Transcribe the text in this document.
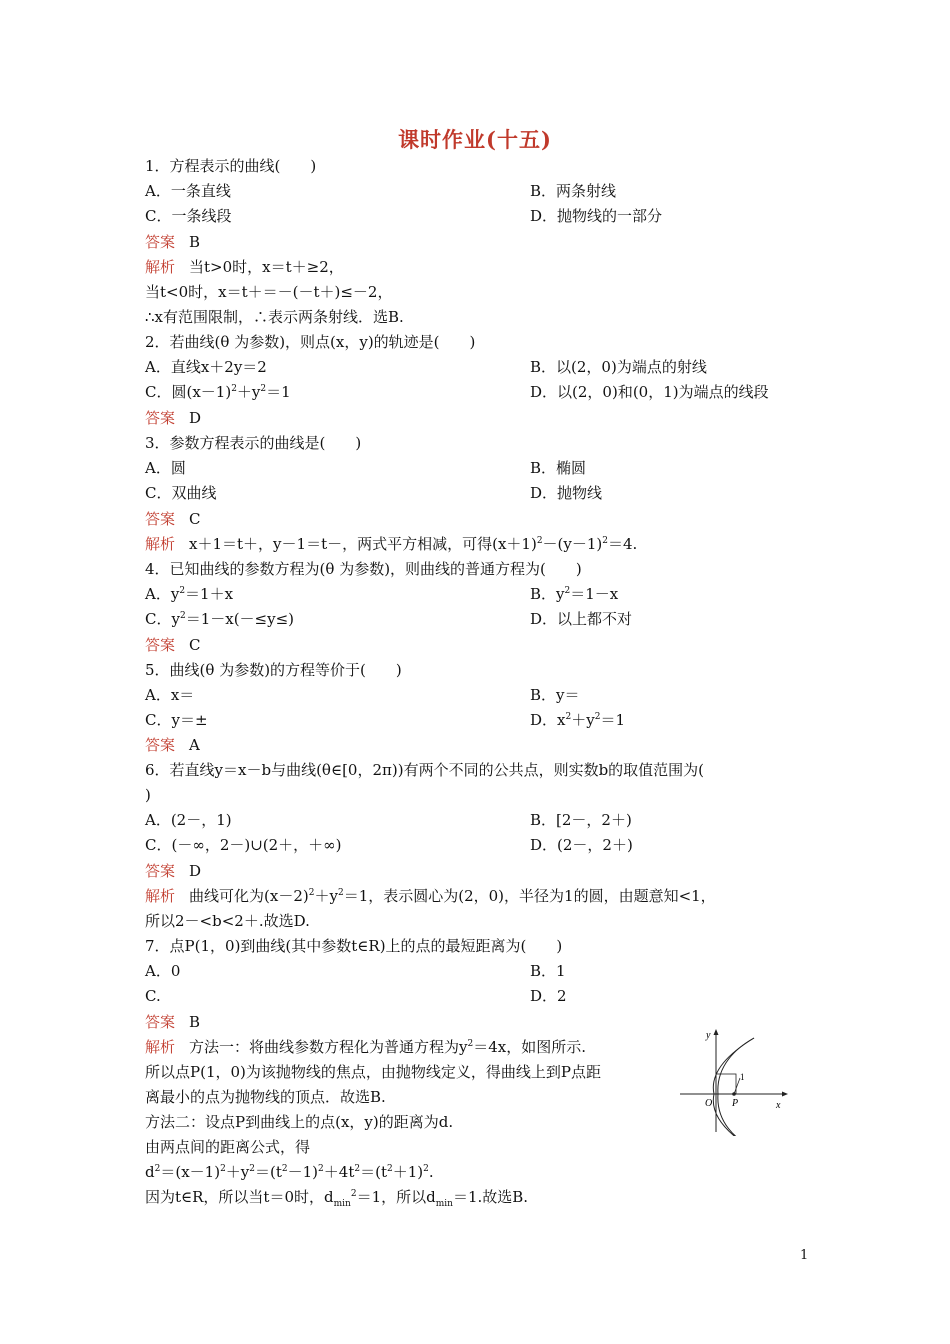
课时作业(十五)
1．方程表示的曲线(　　)
A．一条直线	B．两条射线
C．一条线段	D．抛物线的一部分
答案 B
解析 当t>0时，x＝t＋≥2，
当t<0时，x＝t＋＝－(－t＋)≤－2，
∴x有范围限制，∴表示两条射线．选B.
2．若曲线(θ 为参数)，则点(x，y)的轨迹是(　　)
A．直线x＋2y＝2	B．以(2，0)为端点的射线
C．圆$(x-1)^2+y^2=1$	D．以(2，0)和(0，1)为端点的线段
答案 D
3．参数方程表示的曲线是(　　)
A．圆	B．椭圆
C．双曲线	D．抛物线
答案 C
解析 x＋1＝t＋，y－1＝t－，两式平方相减，可得$(x+1)^2-(y-1)^2=4$.
4．已知曲线的参数方程为(θ 为参数)，则曲线的普通方程为(　　)
A．$y^2=1+x$	B．$y^2=1-x$
C．$y^2=1-x(-\le y\le)$	D．以上都不对
答案 C
5．曲线(θ 为参数)的方程等价于(　　)
A．x＝	B．y＝
C．y＝±	D．$x^2+y^2=1$
答案 A
6．若直线y＝x－b与曲线(θ∈[0，2π))有两个不同的公共点，则实数b的取值范围为(
)
A．(2－，1)	B．[2－，2＋)
C．(－∞，2－)∪(2＋，＋∞)	D．(2－，2＋)
答案 D
解析 曲线可化为$(x-2)^2+y^2=1$，表示圆心为(2，0)，半径为1的圆，由题意知<1，
所以2－<b<2＋.故选D.
7．点P(1，0)到曲线(其中参数t∈R)上的点的最短距离为(　　)
A．0	B．1
C.	D．2
答案 B
解析 方法一：将曲线参数方程化为普通方程为$y^2=4x$，如图所示.
所以点P(1，0)为该抛物线的焦点，由抛物线定义，得曲线上到P点距
离最小的点为抛物线的顶点．故选B.
方法二：设点P到曲线上的点(x，y)的距离为d.
由两点间的距离公式，得
$d^2=(x-1)^2+y^2=(t^2-1)^2+4t^2=(t^2+1)^2$.
因为t∈R，所以当t＝0时，$d_{min}^2=1$，所以$d_{min}=1$.故选B.
y
x
O P
1
1
